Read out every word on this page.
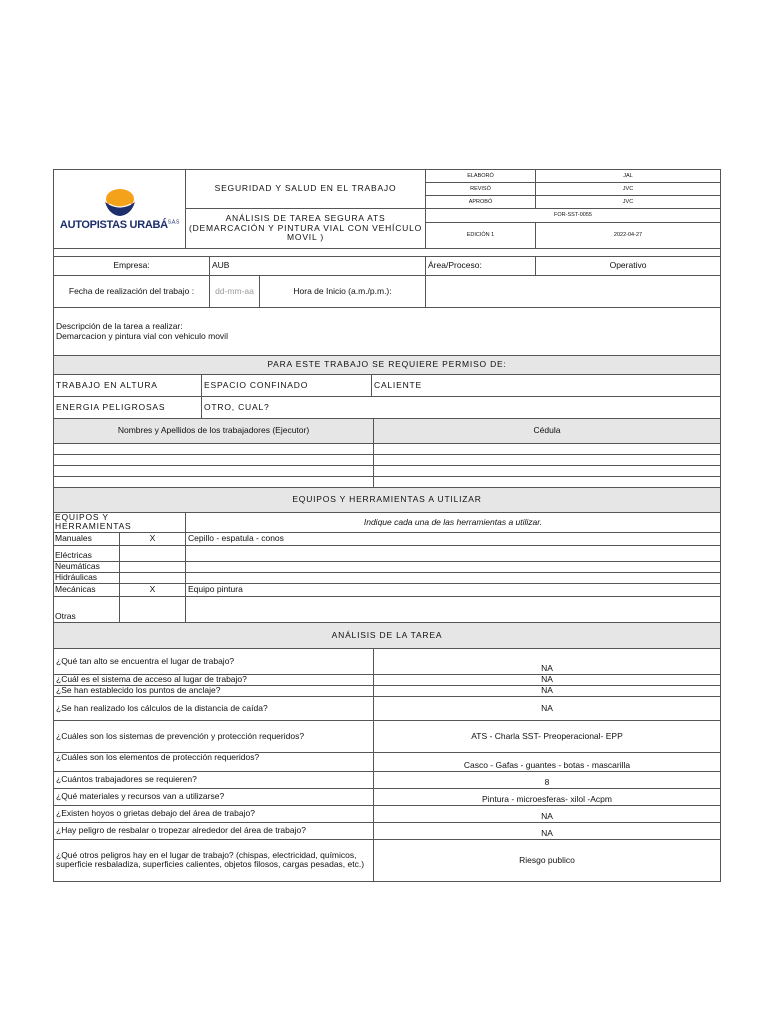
AUTOPISTAS $URABÁ^{S.A.S}$	SEGURIDAD Y SALUD EN EL TRABAJO	ELABORÓ	JAL
		REVISÓ	JVC
		APROBÓ	JVC
	ANÁLISIS DE TAREA SEGURA ATS (DEMARCACIÓN Y PINTURA VIAL CON VEHÍCULO MOVIL )	FOR-SST-0055	
		EDICIÓN 1	2022-04-27

Empresa:	AUB		Área/Proceso:	Operativo
Fecha de realización del trabajo :	dd-mm-aa	Hora de Inicio (a.m./p.m.):		

Descripción de la tarea a realizar:
Demarcacion y pintura vial con vehiculo movil				
PARA ESTE TRABAJO SE REQUIERE PERMISO DE:		
TRABAJO EN ALTURA	ESPACIO CONFINADO	CALIENTE
ENERGIA PELIGROSAS	OTRO, CUAL?	
Nombres y Apellidos de los trabajadores (Ejecutor)	Cédula

EQUIPOS Y HERRAMIENTAS A UTILIZAR		
EQUIPOS Y HERRAMIENTAS		Indique cada una de las herramientas a utilizar.
Manuales	X	Cepillo - espatula - conos
Eléctricas		
Neumáticas		
Hidráulicas		
Mecánicas	X	Equipo pintura
Otras		
ANÁLISIS DE LA TAREA	
¿Qué tan alto se encuentra el lugar de trabajo?	NA
¿Cuál es el sistema de acceso al lugar de trabajo?	NA
¿Se han establecido los puntos de anclaje?	NA
¿Se han realizado los cálculos de la distancia de caída?	NA
¿Cuáles son los sistemas de prevención y protección requeridos?	ATS - Charla SST- Preoperacional- EPP
¿Cuáles son los elementos de protección requeridos?	Casco - Gafas - guantes - botas - mascarilla
¿Cuántos trabajadores se requieren?	8
¿Qué materiales y recursos van a utilizarse?	Pintura - microesferas- xilol -Acpm
¿Existen hoyos o grietas debajo del área de trabajo?	NA
¿Hay peligro de resbalar o tropezar alrededor del área de trabajo?	NA
¿Qué otros peligros hay en el lugar de trabajo? (chispas, electricidad, químicos, superficie resbaladiza, superficies calientes, objetos filosos, cargas pesadas, etc.)	Riesgo publico
